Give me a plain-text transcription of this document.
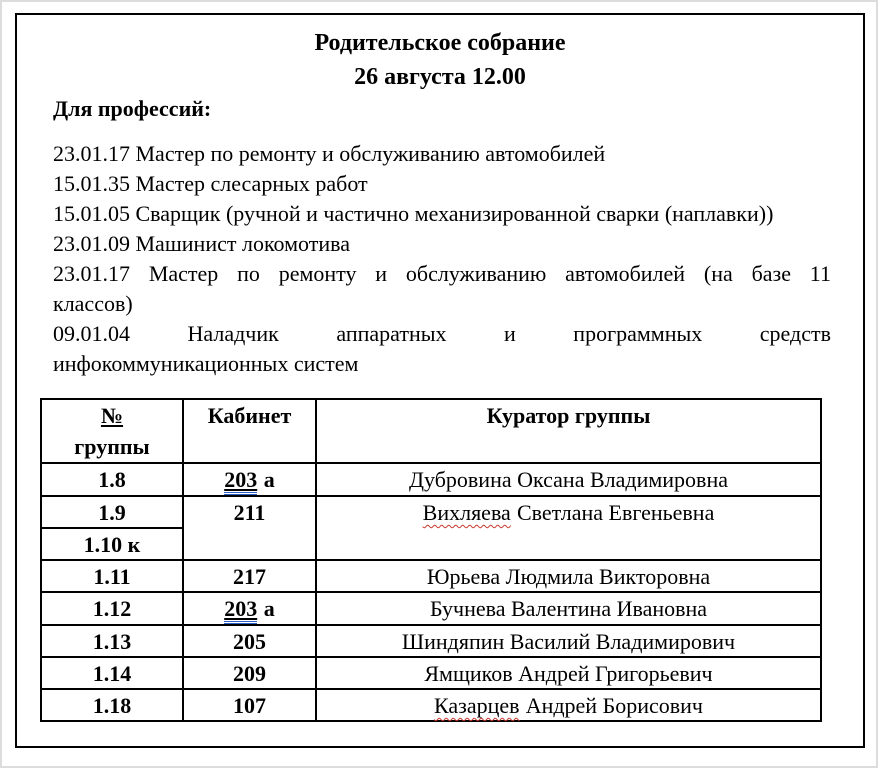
Родительское собрание
26 августа 12.00
Для профессий:
23.01.17 Мастер по ремонту и обслуживанию автомобилей
15.01.35 Мастер слесарных работ
15.01.05 Сварщик (ручной и частично механизированной сварки (наплавки))
23.01.09 Машинист локомотива
23.01.17 Мастер по ремонту и обслуживанию автомобилей (на базе 11
классов)
09.01.04 Наладчик аппаратных и программных средств
инфокоммуникационных систем
№
группы	Кабинет	Куратор группы
1.8	203 а	Дубровина Оксана Владимировна
1.9	211	Вихляева Светлана Евгеньевна
1.10 к		
1.11	217	Юрьева Людмила Викторовна
1.12	203 а	Бучнева Валентина Ивановна
1.13	205	Шиндяпин Василий Владимирович
1.14	209	Ямщиков Андрей Григорьевич
1.18	107	Казарцев Андрей Борисович
